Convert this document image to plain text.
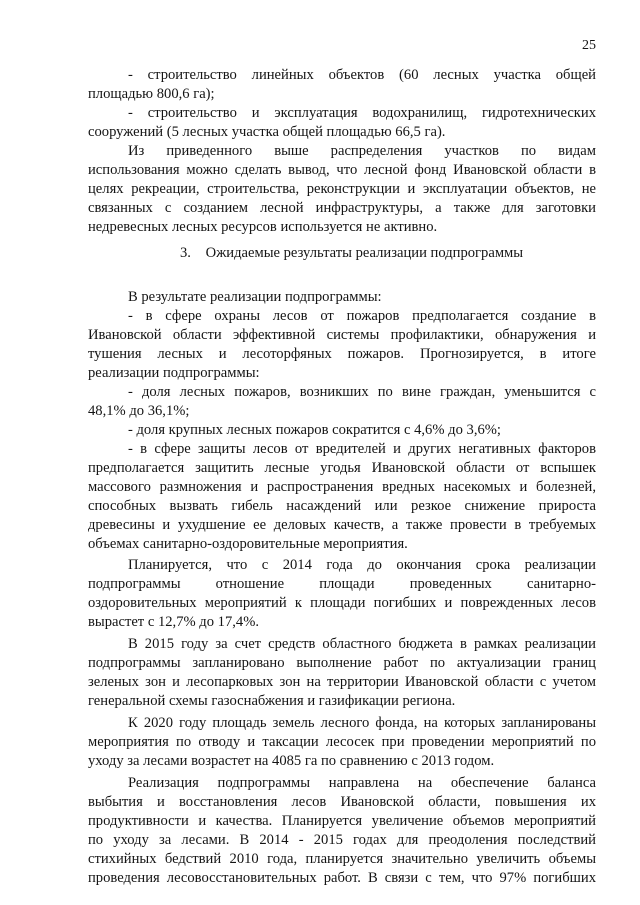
25
- строительство линейных объектов (60 лесных участка общей
площадью 800,6 га);
- строительство и эксплуатация водохранилищ, гидротехнических
сооружений (5 лесных участка общей площадью 66,5 га).
Из приведенного выше распределения участков по видам
использования можно сделать вывод, что лесной фонд Ивановской области в
целях рекреации, строительства, реконструкции и эксплуатации объектов, не
связанных с созданием лесной инфраструктуры, а также для заготовки
недревесных лесных ресурсов используется не активно.
3. Ожидаемые результаты реализации подпрограммы
В результате реализации подпрограммы:
- в сфере охраны лесов от пожаров предполагается создание в
Ивановской области эффективной системы профилактики, обнаружения и
тушения лесных и лесоторфяных пожаров. Прогнозируется, в итоге
реализации подпрограммы:
- доля лесных пожаров, возникших по вине граждан, уменьшится с
48,1% до 36,1%;
- доля крупных лесных пожаров сократится с 4,6% до 3,6%;
- в сфере защиты лесов от вредителей и других негативных факторов
предполагается защитить лесные угодья Ивановской области от вспышек
массового размножения и распространения вредных насекомых и болезней,
способных вызвать гибель насаждений или резкое снижение прироста
древесины и ухудшение ее деловых качеств, а также провести в требуемых
объемах санитарно-оздоровительные мероприятия.
Планируется, что с 2014 года до окончания срока реализации
подпрограммы отношение площади проведенных санитарно-
оздоровительных мероприятий к площади погибших и поврежденных лесов
вырастет с 12,7% до 17,4%.
В 2015 году за счет средств областного бюджета в рамках реализации
подпрограммы запланировано выполнение работ по актуализации границ
зеленых зон и лесопарковых зон на территории Ивановской области с учетом
генеральной схемы газоснабжения и газификации региона.
К 2020 году площадь земель лесного фонда, на которых запланированы
мероприятия по отводу и таксации лесосек при проведении мероприятий по
уходу за лесами возрастет на 4085 га по сравнению с 2013 годом.
Реализация подпрограммы направлена на обеспечение баланса
выбытия и восстановления лесов Ивановской области, повышения их
продуктивности и качества. Планируется увеличение объемов мероприятий
по уходу за лесами. В 2014 - 2015 годах для преодоления последствий
стихийных бедствий 2010 года, планируется значительно увеличить объемы
проведения лесовосстановительных работ. В связи с тем, что 97% погибших
